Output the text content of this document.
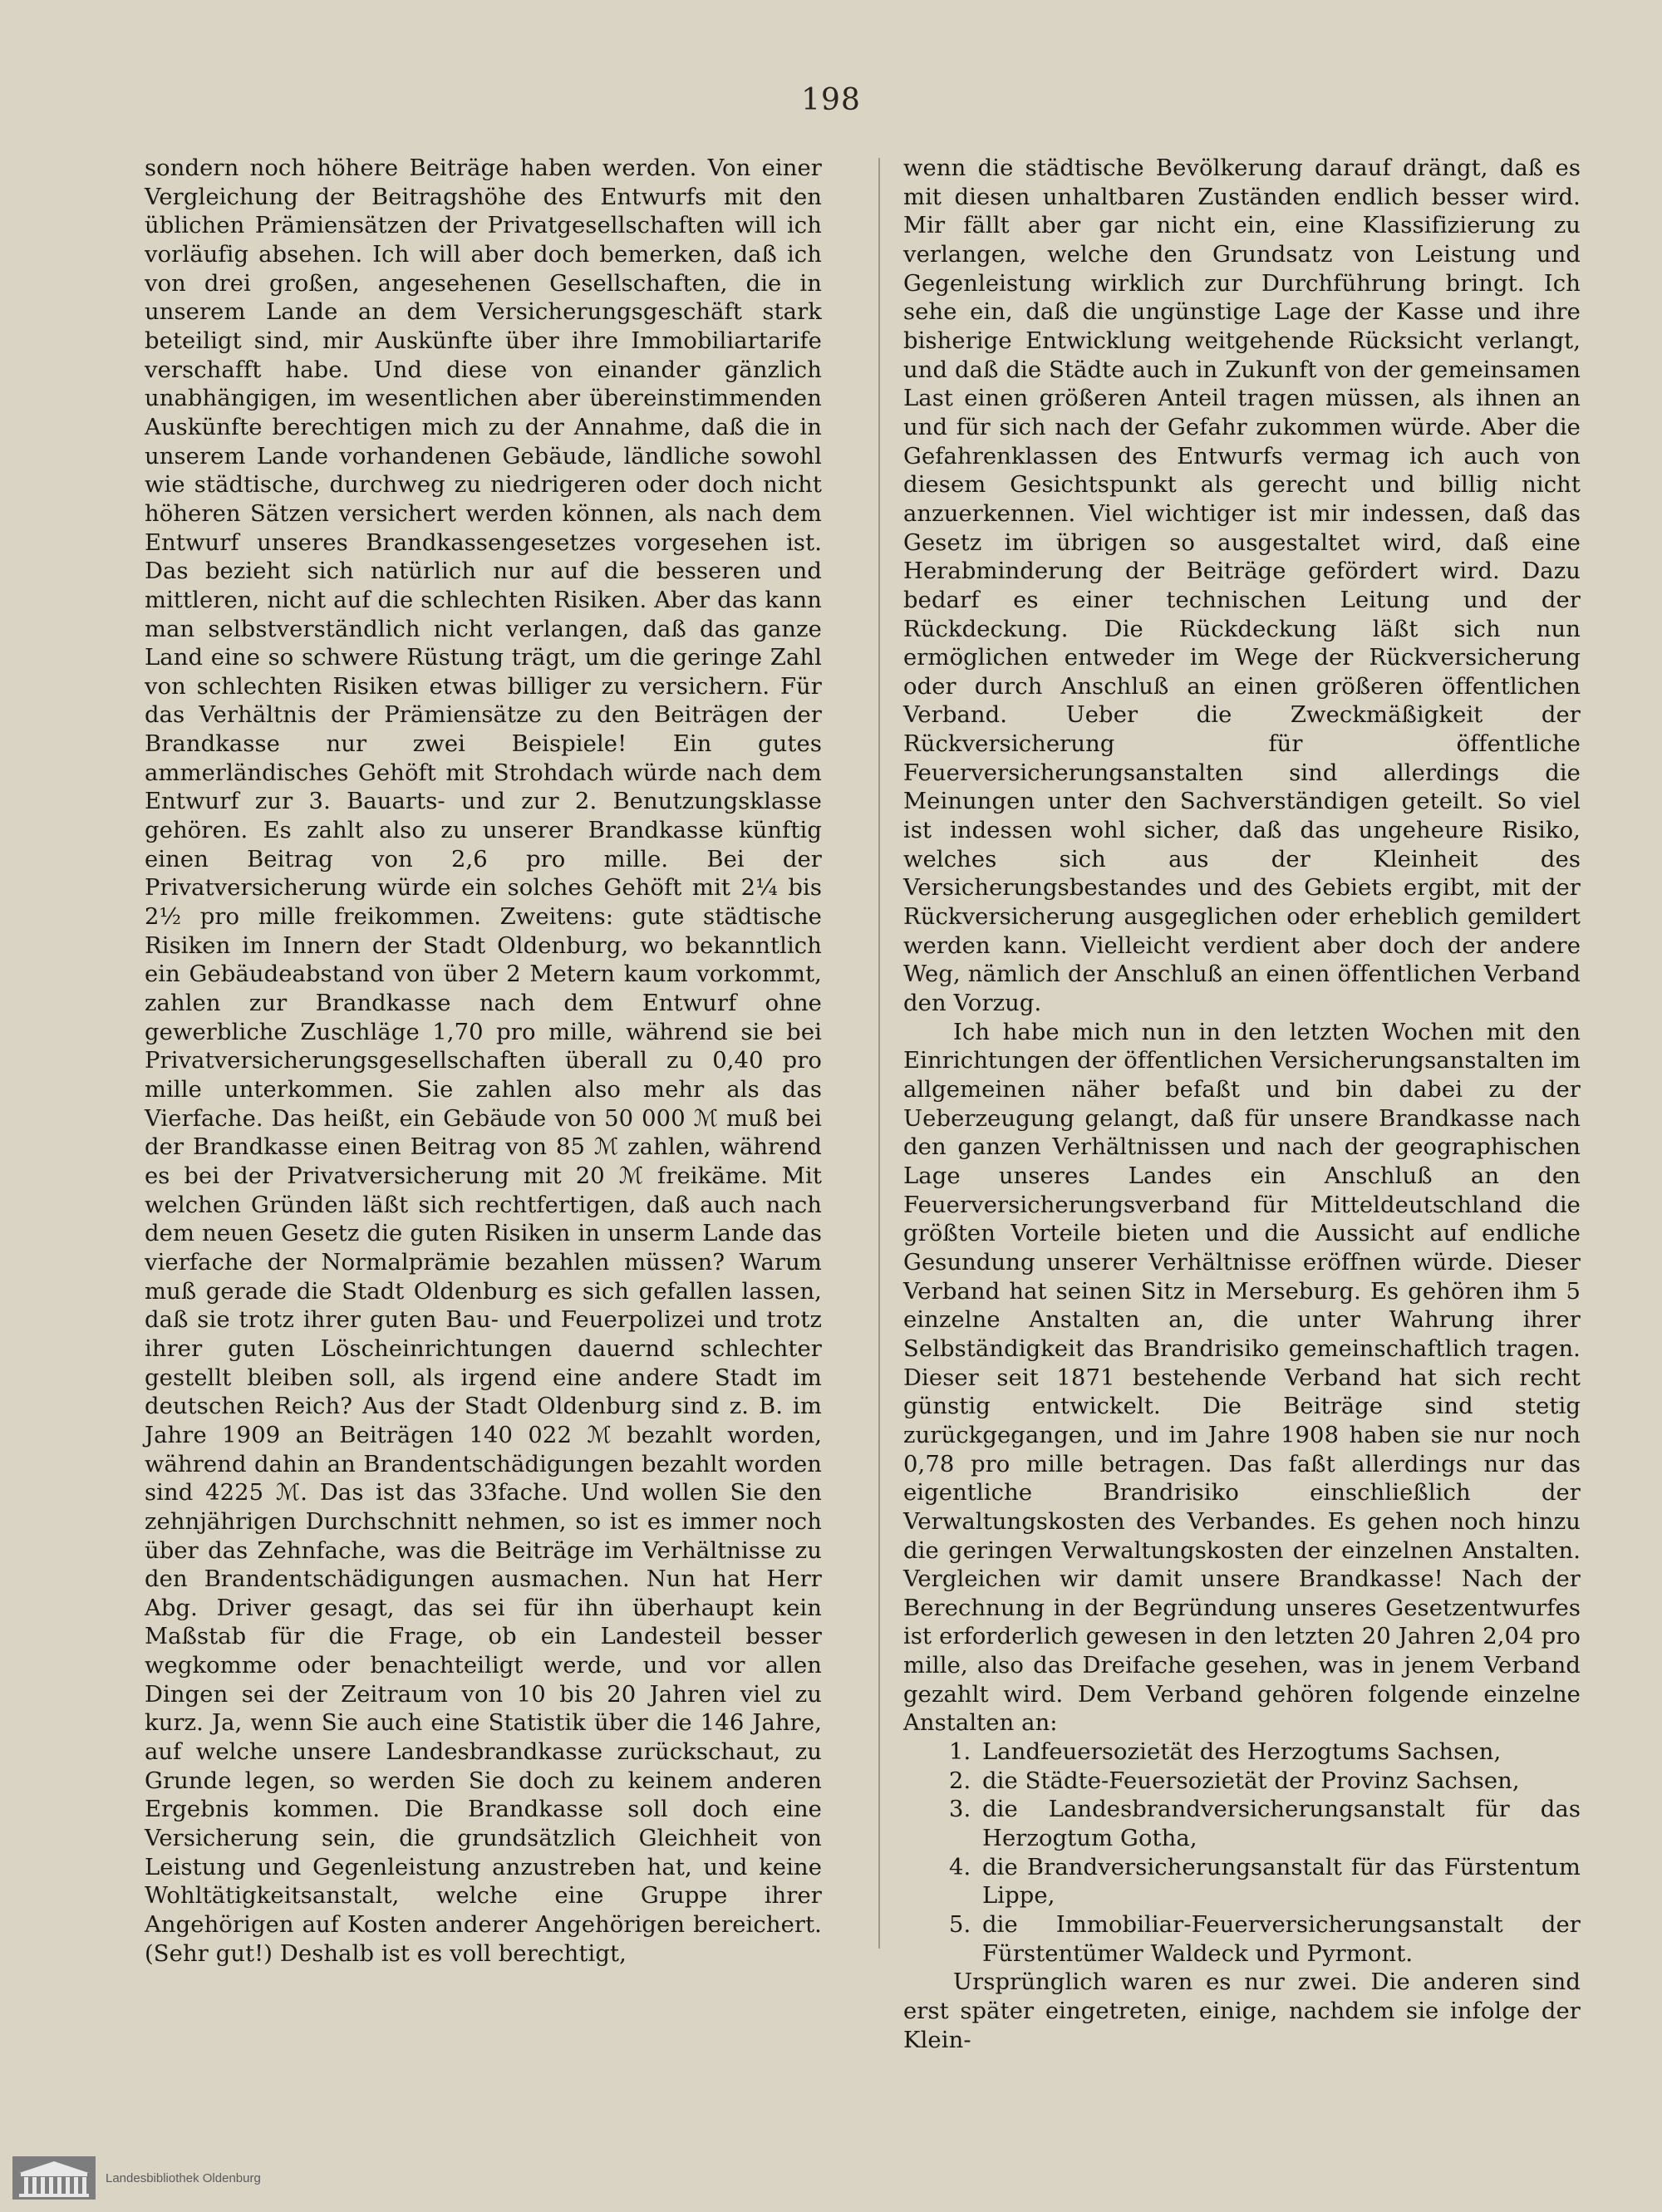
198

sondern noch höhere Beiträge haben werden. Von einer Vergleichung der Beitragshöhe des Entwurfs mit den üblichen Prämiensätzen der Privatgesellschaften will ich vorläufig absehen. Ich will aber doch bemerken, daß ich von drei großen, angesehenen Gesellschaften, die in unserem Lande an dem Versicherungsgeschäft stark beteiligt sind, mir Auskünfte über ihre Immobiliartarife verschafft habe. Und diese von einander gänzlich unabhängigen, im wesentlichen aber übereinstimmenden Auskünfte berechtigen mich zu der Annahme, daß die in unserem Lande vorhandenen Gebäude, ländliche sowohl wie städtische, durchweg zu niedrigeren oder doch nicht höheren Sätzen versichert werden können, als nach dem Entwurf unseres Brandkassengesetzes vorgesehen ist. Das bezieht sich natürlich nur auf die besseren und mittleren, nicht auf die schlechten Risiken. Aber das kann man selbstverständlich nicht verlangen, daß das ganze Land eine so schwere Rüstung trägt, um die geringe Zahl von schlechten Risiken etwas billiger zu versichern. Für das Verhältnis der Prämiensätze zu den Beiträgen der Brandkasse nur zwei Beispiele! Ein gutes ammerländisches Gehöft mit Strohdach würde nach dem Entwurf zur 3. Bauarts- und zur 2. Benutzungsklasse gehören. Es zahlt also zu unserer Brandkasse künftig einen Beitrag von 2,6 pro mille. Bei der Privatversicherung würde ein solches Gehöft mit 2¼ bis 2½ pro mille freikommen. Zweitens: gute städtische Risiken im Innern der Stadt Oldenburg, wo bekanntlich ein Gebäudeabstand von über 2 Metern kaum vorkommt, zahlen zur Brandkasse nach dem Entwurf ohne gewerbliche Zuschläge 1,70 pro mille, während sie bei Privatversicherungsgesellschaften überall zu 0,40 pro mille unterkommen. Sie zahlen also mehr als das Vierfache. Das heißt, ein Gebäude von 50 000 ℳ muß bei der Brandkasse einen Beitrag von 85 ℳ zahlen, während es bei der Privatversicherung mit 20 ℳ freikäme. Mit welchen Gründen läßt sich rechtfertigen, daß auch nach dem neuen Gesetz die guten Risiken in unserm Lande das vierfache der Normalprämie bezahlen müssen? Warum muß gerade die Stadt Oldenburg es sich gefallen lassen, daß sie trotz ihrer guten Bau- und Feuerpolizei und trotz ihrer guten Löscheinrichtungen dauernd schlechter gestellt bleiben soll, als irgend eine andere Stadt im deutschen Reich? Aus der Stadt Oldenburg sind z. B. im Jahre 1909 an Beiträgen 140 022 ℳ bezahlt worden, während dahin an Brandentschädigungen bezahlt worden sind 4225 ℳ. Das ist das 33fache. Und wollen Sie den zehnjährigen Durchschnitt nehmen, so ist es immer noch über das Zehnfache, was die Beiträge im Verhältnisse zu den Brandentschädigungen ausmachen. Nun hat Herr Abg. Driver gesagt, das sei für ihn überhaupt kein Maßstab für die Frage, ob ein Landesteil besser wegkomme oder benachteiligt werde, und vor allen Dingen sei der Zeitraum von 10 bis 20 Jahren viel zu kurz. Ja, wenn Sie auch eine Statistik über die 146 Jahre, auf welche unsere Landesbrandkasse zurückschaut, zu Grunde legen, so werden Sie doch zu keinem anderen Ergebnis kommen. Die Brandkasse soll doch eine Versicherung sein, die grundsätzlich Gleichheit von Leistung und Gegenleistung anzustreben hat, und keine Wohltätigkeitsanstalt, welche eine Gruppe ihrer Angehörigen auf Kosten anderer Angehörigen bereichert. (Sehr gut!) Deshalb ist es voll berechtigt,

wenn die städtische Bevölkerung darauf drängt, daß es mit diesen unhaltbaren Zuständen endlich besser wird. Mir fällt aber gar nicht ein, eine Klassifizierung zu verlangen, welche den Grundsatz von Leistung und Gegenleistung wirklich zur Durchführung bringt. Ich sehe ein, daß die ungünstige Lage der Kasse und ihre bisherige Entwicklung weitgehende Rücksicht verlangt, und daß die Städte auch in Zukunft von der gemeinsamen Last einen größeren Anteil tragen müssen, als ihnen an und für sich nach der Gefahr zukommen würde. Aber die Gefahrenklassen des Entwurfs vermag ich auch von diesem Gesichtspunkt als gerecht und billig nicht anzuerkennen. Viel wichtiger ist mir indessen, daß das Gesetz im übrigen so ausgestaltet wird, daß eine Herabminderung der Beiträge gefördert wird. Dazu bedarf es einer technischen Leitung und der Rückdeckung. Die Rückdeckung läßt sich nun ermöglichen entweder im Wege der Rückversicherung oder durch Anschluß an einen größeren öffentlichen Verband. Ueber die Zweckmäßigkeit der Rückversicherung für öffentliche Feuerversicherungsanstalten sind allerdings die Meinungen unter den Sachverständigen geteilt. So viel ist indessen wohl sicher, daß das ungeheure Risiko, welches sich aus der Kleinheit des Versicherungsbestandes und des Gebiets ergibt, mit der Rückversicherung ausgeglichen oder erheblich gemildert werden kann. Vielleicht verdient aber doch der andere Weg, nämlich der Anschluß an einen öffentlichen Verband den Vorzug.

Ich habe mich nun in den letzten Wochen mit den Einrichtungen der öffentlichen Versicherungsanstalten im allgemeinen näher befaßt und bin dabei zu der Ueberzeugung gelangt, daß für unsere Brandkasse nach den ganzen Verhältnissen und nach der geographischen Lage unseres Landes ein Anschluß an den Feuerversicherungsverband für Mitteldeutschland die größten Vorteile bieten und die Aussicht auf endliche Gesundung unserer Verhältnisse eröffnen würde. Dieser Verband hat seinen Sitz in Merseburg. Es gehören ihm 5 einzelne Anstalten an, die unter Wahrung ihrer Selbständigkeit das Brandrisiko gemeinschaftlich tragen. Dieser seit 1871 bestehende Verband hat sich recht günstig entwickelt. Die Beiträge sind stetig zurückgegangen, und im Jahre 1908 haben sie nur noch 0,78 pro mille betragen. Das faßt allerdings nur das eigentliche Brandrisiko einschließlich der Verwaltungskosten des Verbandes. Es gehen noch hinzu die geringen Verwaltungskosten der einzelnen Anstalten. Vergleichen wir damit unsere Brandkasse! Nach der Berechnung in der Begründung unseres Gesetzentwurfes ist erforderlich gewesen in den letzten 20 Jahren 2,04 pro mille, also das Dreifache gesehen, was in jenem Verband gezahlt wird. Dem Verband gehören folgende einzelne Anstalten an:

1. Landfeuersozietät des Herzogtums Sachsen,
2. die Städte-Feuersozietät der Provinz Sachsen,
3. die Landesbrandversicherungsanstalt für das Herzogtum Gotha,
4. die Brandversicherungsanstalt für das Fürstentum Lippe,
5. die Immobiliar-Feuerversicherungsanstalt der Fürstentümer Waldeck und Pyrmont.

Ursprünglich waren es nur zwei. Die anderen sind erst später eingetreten, einige, nachdem sie infolge der Klein-

Landesbibliothek Oldenburg
